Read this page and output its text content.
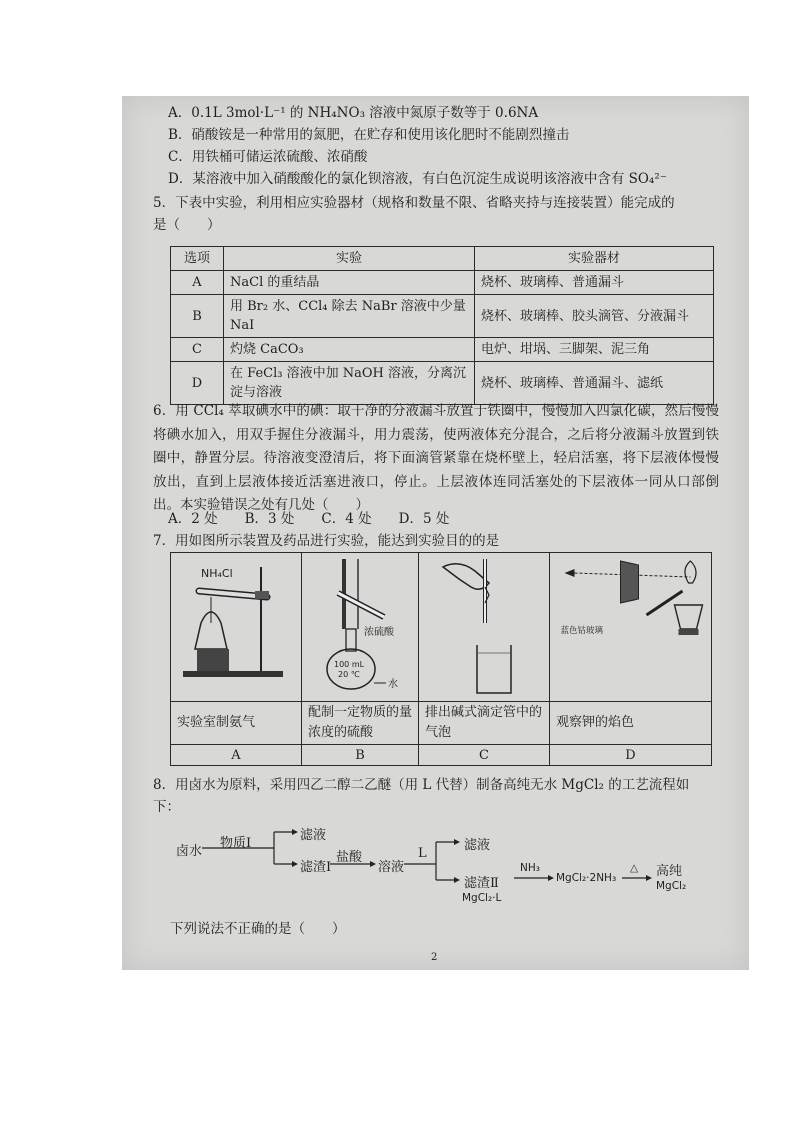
A．0.1L 3mol·L⁻¹ 的 NH₄NO₃ 溶液中氮原子数等于 0.6NA
B．硝酸铵是一种常用的氮肥，在贮存和使用该化肥时不能剧烈撞击
C．用铁桶可储运浓硫酸、浓硝酸
D．某溶液中加入硝酸酸化的氯化钡溶液，有白色沉淀生成说明该溶液中含有 SO₄²⁻
5．下表中实验，利用相应实验器材（规格和数量不限、省略夹持与连接装置）能完成的
是（　　）
选项	实验	实验器材
A	NaCl 的重结晶	烧杯、玻璃棒、普通漏斗
B	用 Br₂ 水、CCl₄ 除去 NaBr 溶液中少量 NaI	烧杯、玻璃棒、胶头滴管、分液漏斗
C	灼烧 CaCO₃	电炉、坩埚、三脚架、泥三角
D	在 FeCl₃ 溶液中加 NaOH 溶液，分离沉淀与溶液	烧杯、玻璃棒、普通漏斗、滤纸
6．用 CCl₄ 萃取碘水中的碘：取干净的分液漏斗放置于铁圈中，慢慢加入四氯化碳，然后慢慢将碘水加入，用双手握住分液漏斗，用力震荡，使两液体充分混合，之后将分液漏斗放置到铁圈中，静置分层。待溶液变澄清后，将下面滴管紧靠在烧杯壁上，轻启活塞，将下层液体慢慢放出，直到上层液体接近活塞进液口，停止。上层液体连同活塞处的下层液体一同从口部倒出。本实验错误之处有几处（　　）
A．2 处　　B．3 处　　C．4 处　　D．5 处
7．用如图所示装置及药品进行实验，能达到实验目的的是
NH₄Cl	浓硫酸
100 mL
20 ℃
水		蓝色钴玻璃

实验室制氨气	配制一定物质的量浓度的硫酸	排出碱式滴定管中的气泡	观察钾的焰色
A	B	C	D
8．用卤水为原料，采用四乙二醇二乙醚（用 L 代替）制备高纯无水 MgCl₂ 的工艺流程如
下：
卤水
物质Ⅰ
滤液
滤渣Ⅰ
盐酸
溶液
L
滤液
滤渣Ⅱ
MgCl₂·L
NH₃
MgCl₂·2NH₃
△ 高纯
MgCl₂
下列说法不正确的是（　　）
2
